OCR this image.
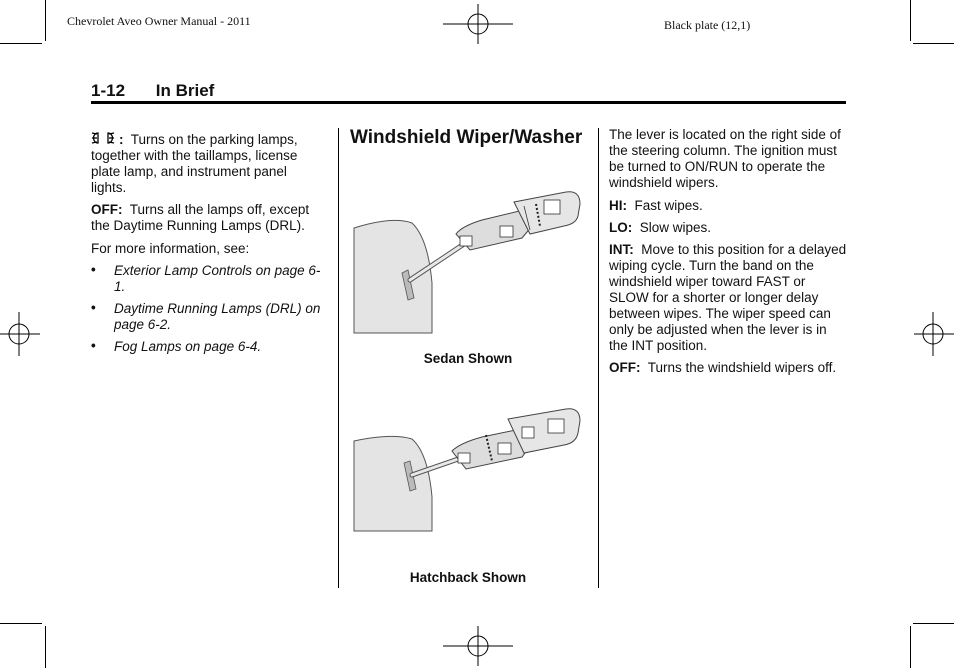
Chevrolet Aveo Owner Manual - 2011	Black plate (12,1)
1-12 In Brief

: Turns on the parking lamps, together with the taillamps, license plate lamp, and instrument panel lights.

OFF: Turns all the lamps off, except the Daytime Running Lamps (DRL).

For more information, see:

• Exterior Lamp Controls on page 6-1.
• Daytime Running Lamps (DRL) on page 6-2.
• Fog Lamps on page 6-4.
Windshield Wiper/Washer
Sedan Shown
Hatchback Shown

The lever is located on the right side of the steering column. The ignition must be turned to ON/RUN to operate the windshield wipers.

HI: Fast wipes.

LO: Slow wipes.

INT: Move to this position for a delayed wiping cycle. Turn the band on the windshield wiper toward FAST or SLOW for a shorter or longer delay between wipes. The wiper speed can only be adjusted when the lever is in the INT position.

OFF: Turns the windshield wipers off.
